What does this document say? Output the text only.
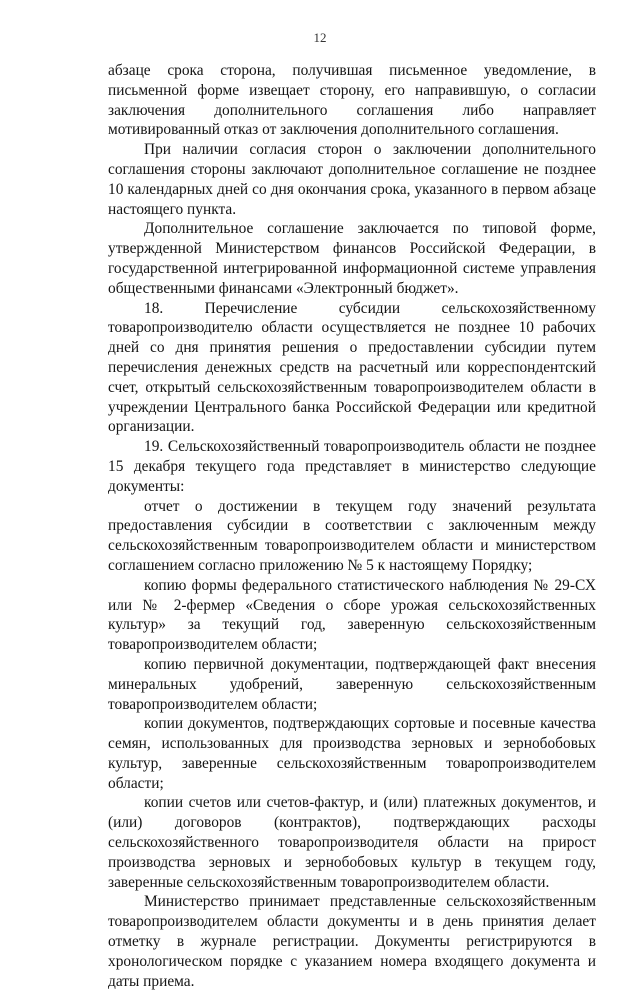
12

абзаце срока сторона, получившая письменное уведомление, в письменной форме извещает сторону, его направившую, о согласии заключения дополнительного соглашения либо направляет мотивированный отказ от заключения дополнительного соглашения.

При наличии согласия сторон о заключении дополнительного соглашения стороны заключают дополнительное соглашение не позднее 10 календарных дней со дня окончания срока, указанного в первом абзаце настоящего пункта.

Дополнительное соглашение заключается по типовой форме, утвержденной Министерством финансов Российской Федерации, в государственной интегрированной информационной системе управления общественными финансами «Электронный бюджет».

18. Перечисление субсидии сельскохозяйственному товаропроизводителю области осуществляется не позднее 10 рабочих дней со дня принятия решения о предоставлении субсидии путем перечисления денежных средств на расчетный или корреспондентский счет, открытый сельскохозяйственным товаропроизводителем области в учреждении Центрального банка Российской Федерации или кредитной организации.

19. Сельскохозяйственный товаропроизводитель области не позднее 15 декабря текущего года представляет в министерство следующие документы:

отчет о достижении в текущем году значений результата предоставления субсидии в соответствии с заключенным между сельскохозяйственным товаропроизводителем области и министерством соглашением согласно приложению № 5 к настоящему Порядку;

копию формы федерального статистического наблюдения № 29-СХ или № 2-фермер «Сведения о сборе урожая сельскохозяйственных культур» за текущий год, заверенную сельскохозяйственным товаропроизводителем области;

копию первичной документации, подтверждающей факт внесения минеральных удобрений, заверенную сельскохозяйственным товаропроизводителем области;

копии документов, подтверждающих сортовые и посевные качества семян, использованных для производства зерновых и зернобобовых культур, заверенные сельскохозяйственным товаропроизводителем области;

копии счетов или счетов-фактур, и (или) платежных документов, и (или) договоров (контрактов), подтверждающих расходы сельскохозяйственного товаропроизводителя области на прирост производства зерновых и зернобобовых культур в текущем году, заверенные сельскохозяйственным товаропроизводителем области.

Министерство принимает представленные сельскохозяйственным товаропроизводителем области документы и в день принятия делает отметку в журнале регистрации. Документы регистрируются в хронологическом порядке с указанием номера входящего документа и даты приема.
